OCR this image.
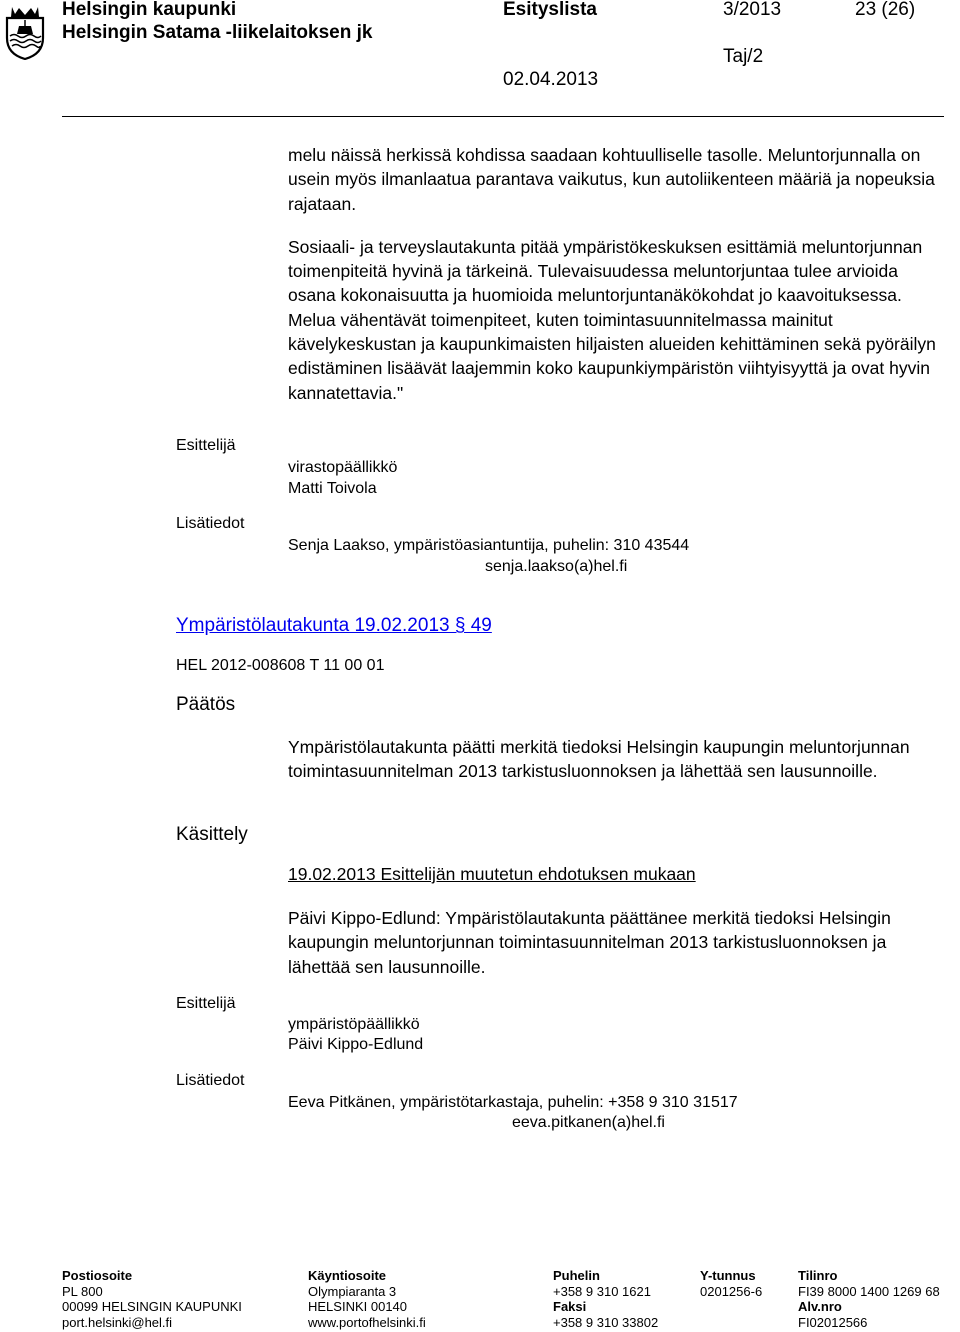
Helsingin kaupunki
Helsingin Satama -liikelaitoksen jk
Esityslista	3/2013	23 (26)
Taj/2
02.04.2013

melu näissä herkissä kohdissa saadaan kohtuulliselle tasolle. Meluntorjunnalla on usein myös ilmanlaatua parantava vaikutus, kun autoliikenteen määriä ja nopeuksia rajataan.

Sosiaali- ja terveyslautakunta pitää ympäristökeskuksen esittämiä meluntorjunnan toimenpiteitä hyvinä ja tärkeinä. Tulevaisuudessa meluntorjuntaa tulee arvioida osana kokonaisuutta ja huomioida meluntorjuntanäkökohdat jo kaavoituksessa. Melua vähentävät toimenpiteet, kuten toimintasuunnitelmassa mainitut kävelykeskustan ja kaupunkimaisten hiljaisten alueiden kehittäminen sekä pyöräilyn edistäminen lisäävät laajemmin koko kaupunkiympäristön viihtyisyyttä ja ovat hyvin kannatettavia."

Esittelijä
virastopäällikkö
Matti Toivola
Lisätiedot
Senja Laakso, ympäristöasiantuntija, puhelin: 310 43544
senja.laakso(a)hel.fi
Ympäristölautakunta 19.02.2013 § 49
HEL 2012-008608 T 11 00 01
Päätös
Ympäristölautakunta päätti merkitä tiedoksi Helsingin kaupungin meluntorjunnan toimintasuunnitelman 2013 tarkistusluonnoksen ja lähettää sen lausunnoille.
Käsittely
19.02.2013 Esittelijän muutetun ehdotuksen mukaan
Päivi Kippo-Edlund: Ympäristölautakunta päättänee merkitä tiedoksi Helsingin kaupungin meluntorjunnan toimintasuunnitelman 2013 tarkistusluonnoksen ja lähettää sen lausunnoille.
Esittelijä
ympäristöpäällikkö
Päivi Kippo-Edlund
Lisätiedot
Eeva Pitkänen, ympäristötarkastaja, puhelin: +358 9 310 31517
eeva.pitkanen(a)hel.fi
Postiosoite
PL 800
00099 HELSINGIN KAUPUNKI
port.helsinki@hel.fi
Käyntiosoite
Olympiaranta 3
HELSINKI 00140
www.portofhelsinki.fi
Puhelin
+358 9 310 1621
Faksi
+358 9 310 33802
Y-tunnus
0201256-6
Tilinro
FI39 8000 1400 1269 68
Alv.nro
FI02012566
